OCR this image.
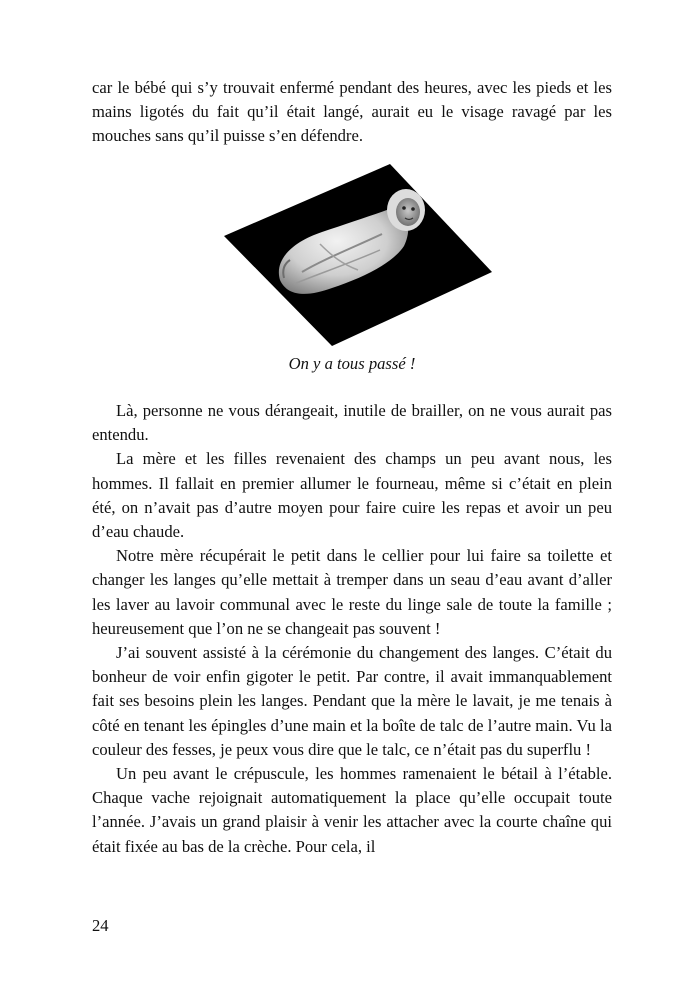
car le bébé qui s’y trouvait enfermé pendant des heures, avec les pieds et les mains ligotés du fait qu’il était langé, aurait eu le visage ravagé par les mouches sans qu’il puisse s’en défendre.

On y a tous passé !

Là, personne ne vous dérangeait, inutile de brailler, on ne vous aurait pas entendu.

La mère et les filles revenaient des champs un peu avant nous, les hommes. Il fallait en premier allumer le fourneau, même si c’était en plein été, on n’avait pas d’autre moyen pour faire cuire les repas et avoir un peu d’eau chaude.

Notre mère récupérait le petit dans le cellier pour lui faire sa toilette et changer les langes qu’elle mettait à tremper dans un seau d’eau avant d’aller les laver au lavoir communal avec le reste du linge sale de toute la famille ; heureusement que l’on ne se changeait pas souvent !

J’ai souvent assisté à la cérémonie du changement des langes. C’était du bonheur de voir enfin gigoter le petit. Par contre, il avait immanquablement fait ses besoins plein les langes. Pendant que la mère le lavait, je me tenais à côté en tenant les épingles d’une main et la boîte de talc de l’autre main. Vu la couleur des fesses, je peux vous dire que le talc, ce n’était pas du superflu !

Un peu avant le crépuscule, les hommes ramenaient le bétail à l’étable. Chaque vache rejoignait automatiquement la place qu’elle occupait toute l’année. J’avais un grand plaisir à venir les attacher avec la courte chaîne qui était fixée au bas de la crèche. Pour cela, il

24
